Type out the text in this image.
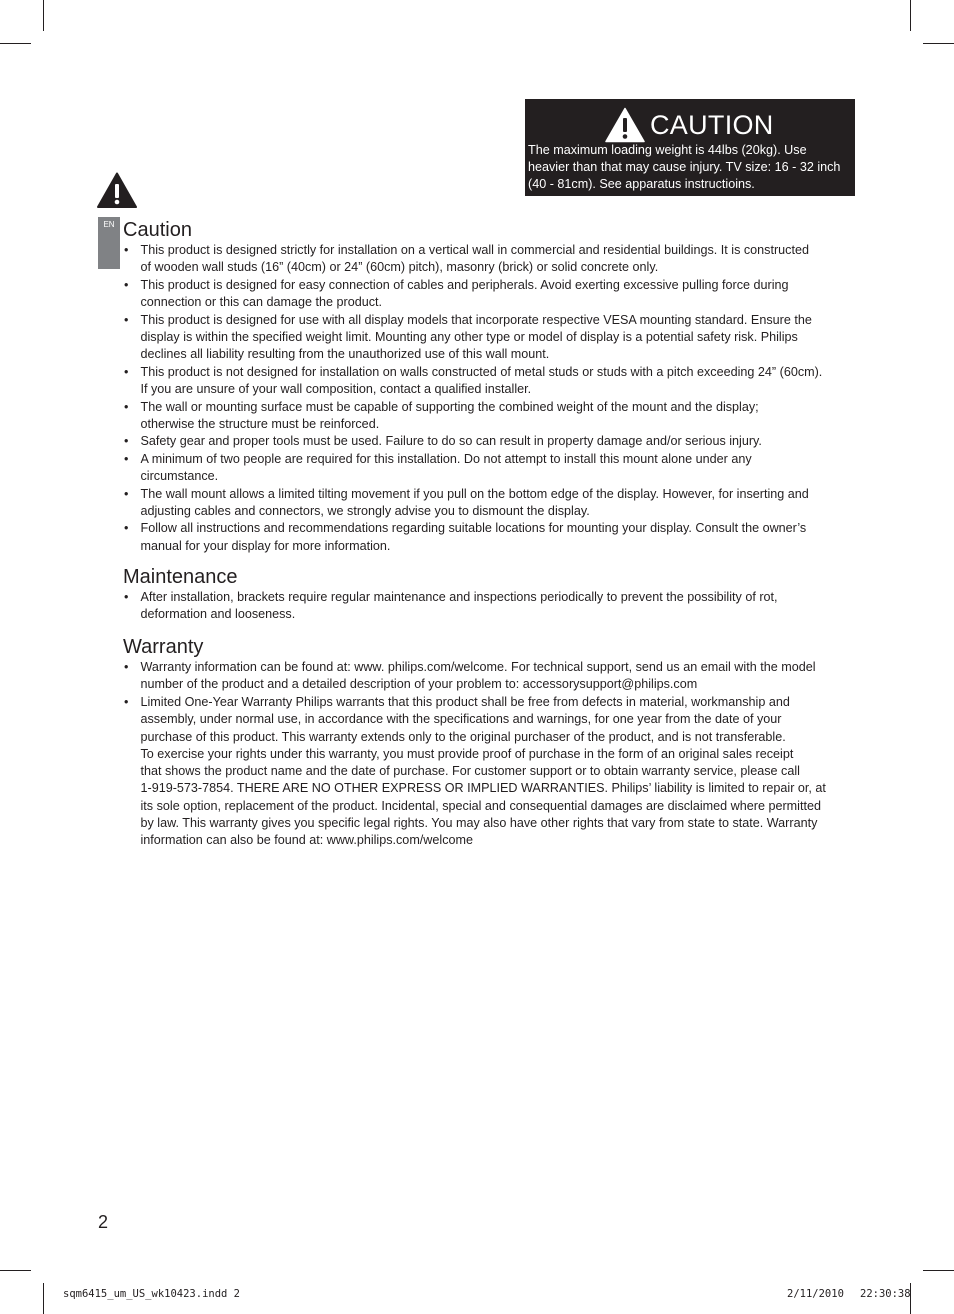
CAUTION
The maximum loading weight is 44lbs (20kg). Use
heavier than that may cause injury. TV size: 16 - 32 inch
(40 - 81cm). See apparatus instructioins.
EN Caution
• This product is designed strictly for installation on a vertical wall in commercial and residential buildings. It is constructed
of wooden wall studs (16” (40cm) or 24” (60cm) pitch), masonry (brick) or solid concrete only.
• This product is designed for easy connection of cables and peripherals. Avoid exerting excessive pulling force during
connection or this can damage the product.
• This product is designed for use with all display models that incorporate respective VESA mounting standard. Ensure the
display is within the specified weight limit. Mounting any other type or model of display is a potential safety risk. Philips
declines all liability resulting from the unauthorized use of this wall mount.
• This product is not designed for installation on walls constructed of metal studs or studs with a pitch exceeding 24” (60cm).
If you are unsure of your wall composition, contact a qualified installer.
• The wall or mounting surface must be capable of supporting the combined weight of the mount and the display;
otherwise the structure must be reinforced.
• Safety gear and proper tools must be used. Failure to do so can result in property damage and/or serious injury.
• A minimum of two people are required for this installation. Do not attempt to install this mount alone under any
circumstance.
• The wall mount allows a limited tilting movement if you pull on the bottom edge of the display. However, for inserting and
adjusting cables and connectors, we strongly advise you to dismount the display.
• Follow all instructions and recommendations regarding suitable locations for mounting your display. Consult the owner’s
manual for your display for more information.
Maintenance
• After installation, brackets require regular maintenance and inspections periodically to prevent the possibility of rot,
deformation and looseness.
Warranty
• Warranty information can be found at: www. philips.com/welcome. For technical support, send us an email with the model
number of the product and a detailed description of your problem to: accessorysupport@philips.com
• Limited One-Year Warranty Philips warrants that this product shall be free from defects in material, workmanship and
assembly, under normal use, in accordance with the specifications and warnings, for one year from the date of your
purchase of this product. This warranty extends only to the original purchaser of the product, and is not transferable.
To exercise your rights under this warranty, you must provide proof of purchase in the form of an original sales receipt
that shows the product name and the date of purchase. For customer support or to obtain warranty service, please call
1-919-573-7854. THERE ARE NO OTHER EXPRESS OR IMPLIED WARRANTIES. Philips’ liability is limited to repair or, at
its sole option, replacement of the product. Incidental, special and consequential damages are disclaimed where permitted
by law. This warranty gives you specific legal rights. You may also have other rights that vary from state to state. Warranty
information can also be found at: www.philips.com/welcome
2
sqm6415_um_US_wk10423.indd 2	2/11/2010 22:30:38
